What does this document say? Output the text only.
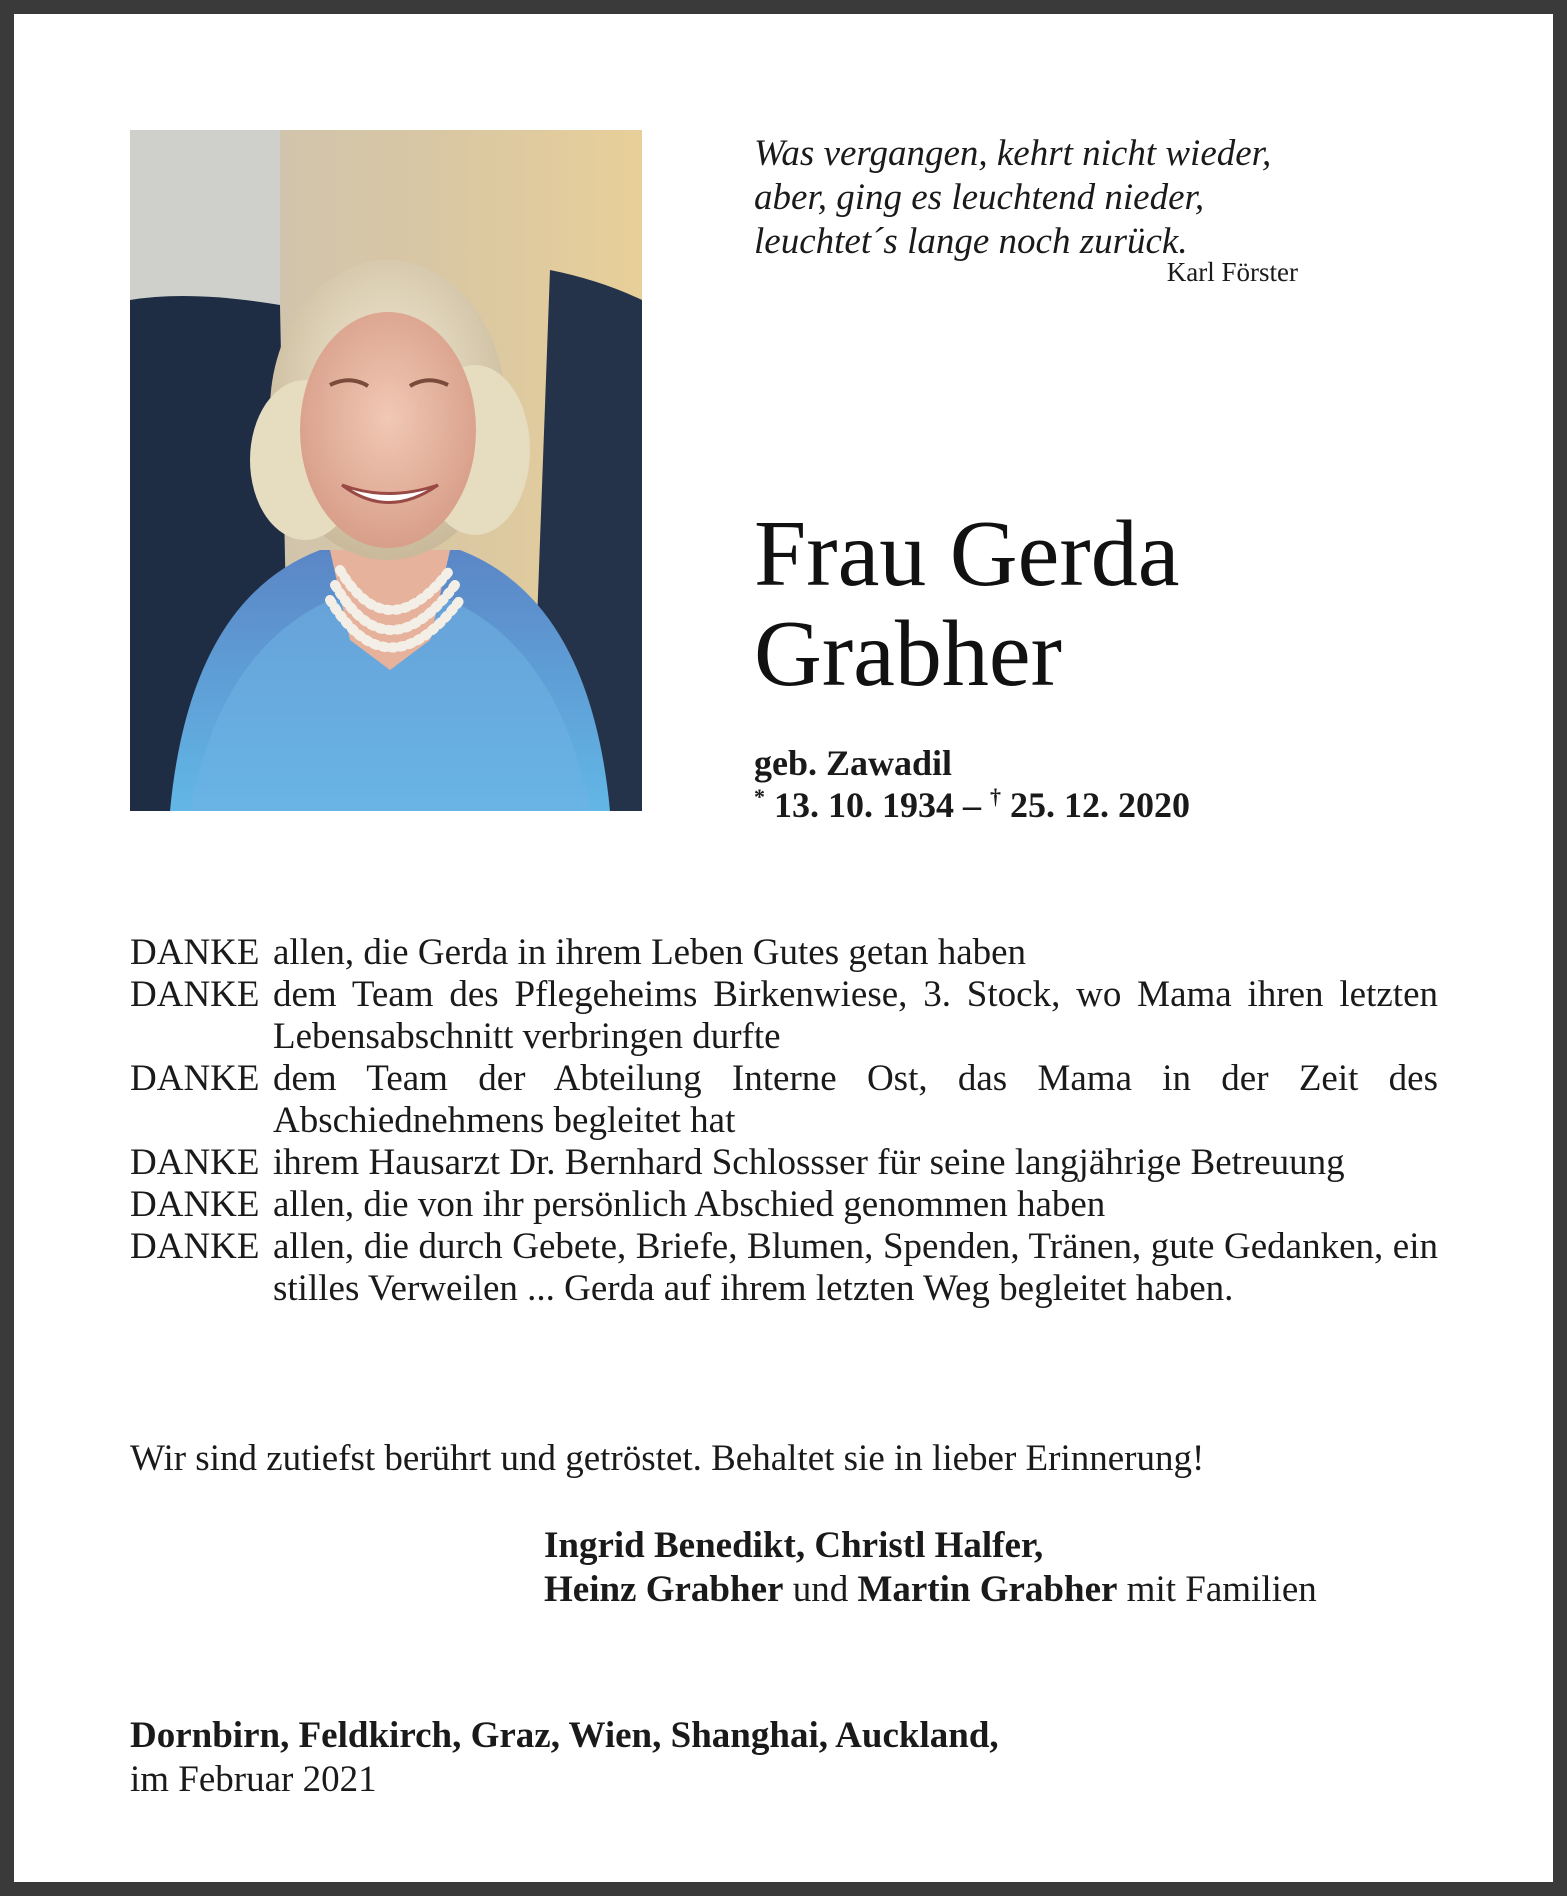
Was vergangen, kehrt nicht wieder,
aber, ging es leuchtend nieder,
leuchtet´s lange noch zurück.
Karl Förster
Frau Gerda
Grabher
geb. Zawadil
* 13. 10. 1934 – † 25. 12. 2020
DANKE allen, die Gerda in ihrem Leben Gutes getan haben
DANKE dem Team des Pflegeheims Birkenwiese, 3. Stock, wo Mama ihren letzten Lebensabschnitt verbringen durfte
DANKE dem Team der Abteilung Interne Ost, das Mama in der Zeit des Abschiednehmens begleitet hat
DANKE ihrem Hausarzt Dr. Bernhard Schlossser für seine langjährige Betreuung
DANKE allen, die von ihr persönlich Abschied genommen haben
DANKE allen, die durch Gebete, Briefe, Blumen, Spenden, Tränen, gute Gedanken, ein stilles Verweilen ... Gerda auf ihrem letzten Weg begleitet haben.
Wir sind zutiefst berührt und getröstet. Behaltet sie in lieber Erinnerung!
Ingrid Benedikt, Christl Halfer,
Heinz Grabher und Martin Grabher mit Familien
Dornbirn, Feldkirch, Graz, Wien, Shanghai, Auckland,
im Februar 2021
